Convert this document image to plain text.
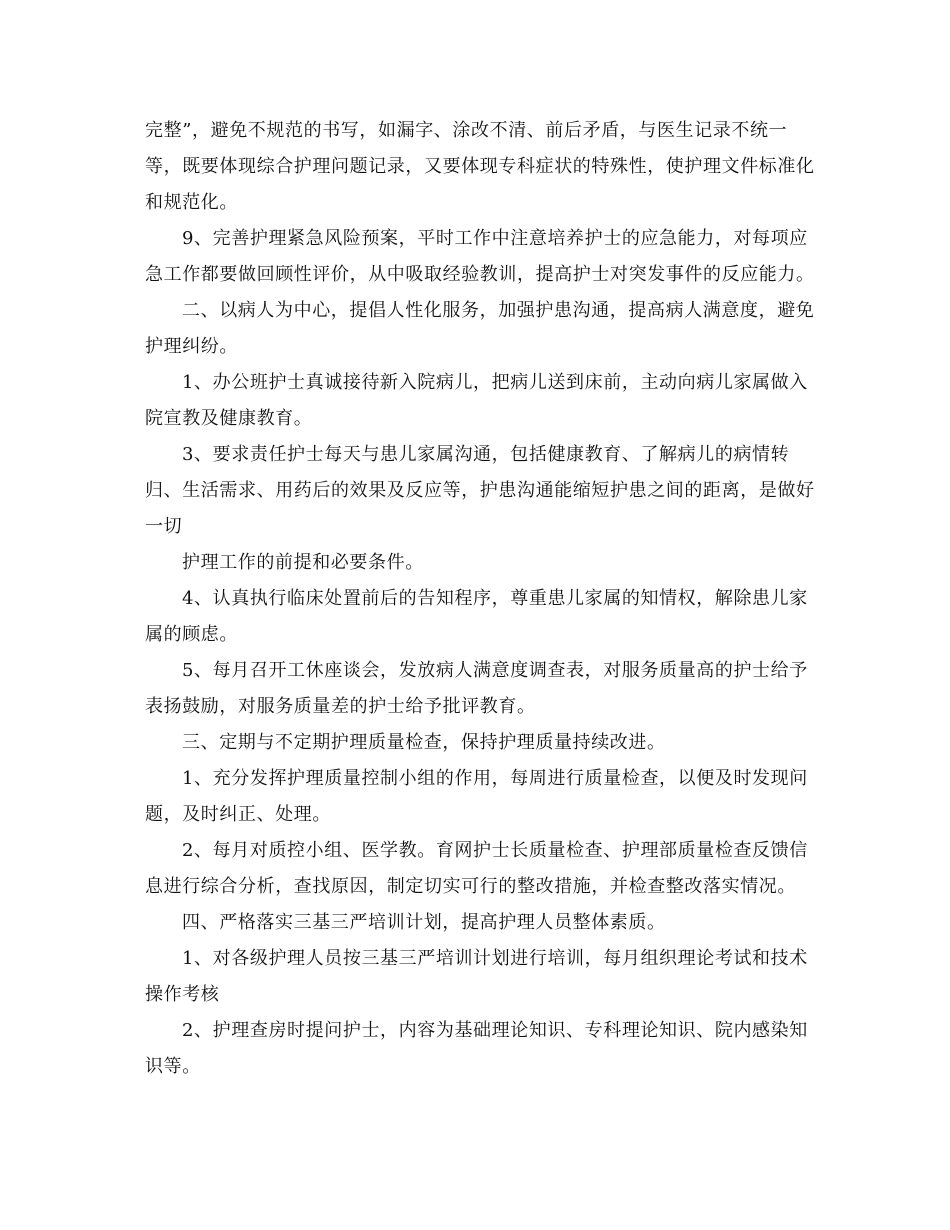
完整”，避免不规范的书写，如漏字、涂改不清、前后矛盾，与医生记录不统一等，既要体现综合护理问题记录，又要体现专科症状的特殊性，使护理文件标准化和规范化。

9、完善护理紧急风险预案，平时工作中注意培养护士的应急能力，对每项应急工作都要做回顾性评价，从中吸取经验教训，提高护士对突发事件的反应能力。

二、以病人为中心，提倡人性化服务，加强护患沟通，提高病人满意度，避免护理纠纷。

1、办公班护士真诚接待新入院病儿，把病儿送到床前，主动向病儿家属做入院宣教及健康教育。

3、要求责任护士每天与患儿家属沟通，包括健康教育、了解病儿的病情转归、生活需求、用药后的效果及反应等，护患沟通能缩短护患之间的距离，是做好一切

护理工作的前提和必要条件。

4、认真执行临床处置前后的告知程序，尊重患儿家属的知情权，解除患儿家属的顾虑。

5、每月召开工休座谈会，发放病人满意度调查表，对服务质量高的护士给予表扬鼓励，对服务质量差的护士给予批评教育。

三、定期与不定期护理质量检查，保持护理质量持续改进。

1、充分发挥护理质量控制小组的作用，每周进行质量检查，以便及时发现问题，及时纠正、处理。

2、每月对质控小组、医学教。育网护士长质量检查、护理部质量检查反馈信息进行综合分析，查找原因，制定切实可行的整改措施，并检查整改落实情况。

四、严格落实三基三严培训计划，提高护理人员整体素质。

1、对各级护理人员按三基三严培训计划进行培训，每月组织理论考试和技术操作考核

2、护理查房时提问护士，内容为基础理论知识、专科理论知识、院内感染知识等。
